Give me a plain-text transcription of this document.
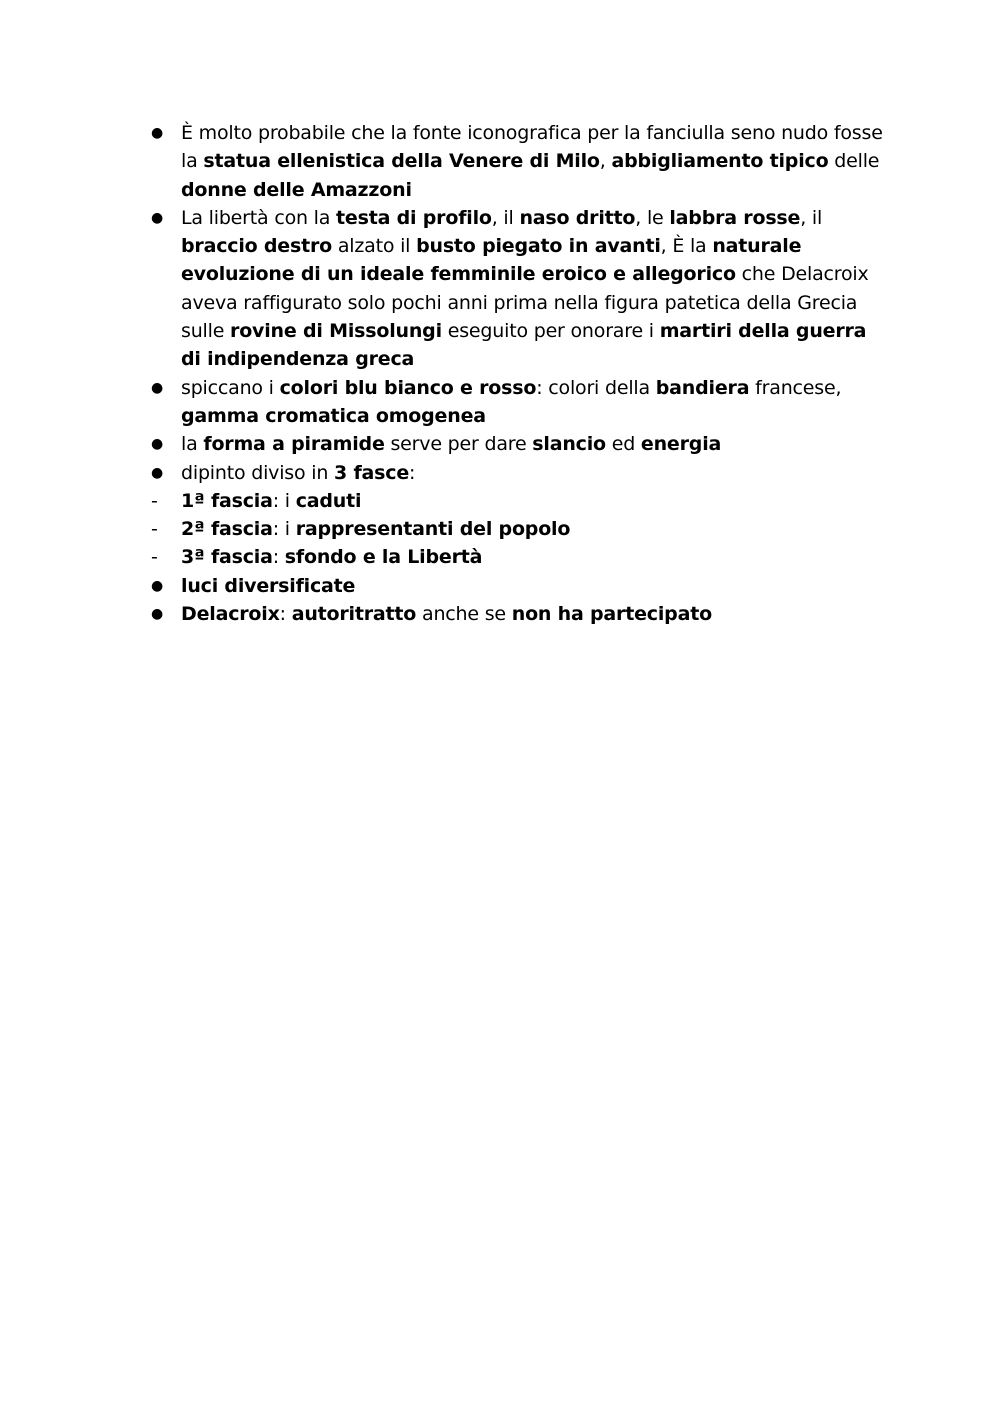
● È molto probabile che la fonte iconografica per la fanciulla seno nudo fosse la statua ellenistica della Venere di Milo, abbigliamento tipico delle donne delle Amazzoni
● La libertà con la testa di profilo, il naso dritto, le labbra rosse, il braccio destro alzato il busto piegato in avanti, È la naturale evoluzione di un ideale femminile eroico e allegorico che Delacroix aveva raffigurato solo pochi anni prima nella figura patetica della Grecia sulle rovine di Missolungi eseguito per onorare i martiri della guerra di indipendenza greca
● spiccano i colori blu bianco e rosso: colori della bandiera francese, gamma cromatica omogenea
● la forma a piramide serve per dare slancio ed energia
● dipinto diviso in 3 fasce:
-	1ª fascia: i caduti
-	2ª fascia: i rappresentanti del popolo
-	3ª fascia: sfondo e la Libertà
● luci diversificate
● Delacroix: autoritratto anche se non ha partecipato
